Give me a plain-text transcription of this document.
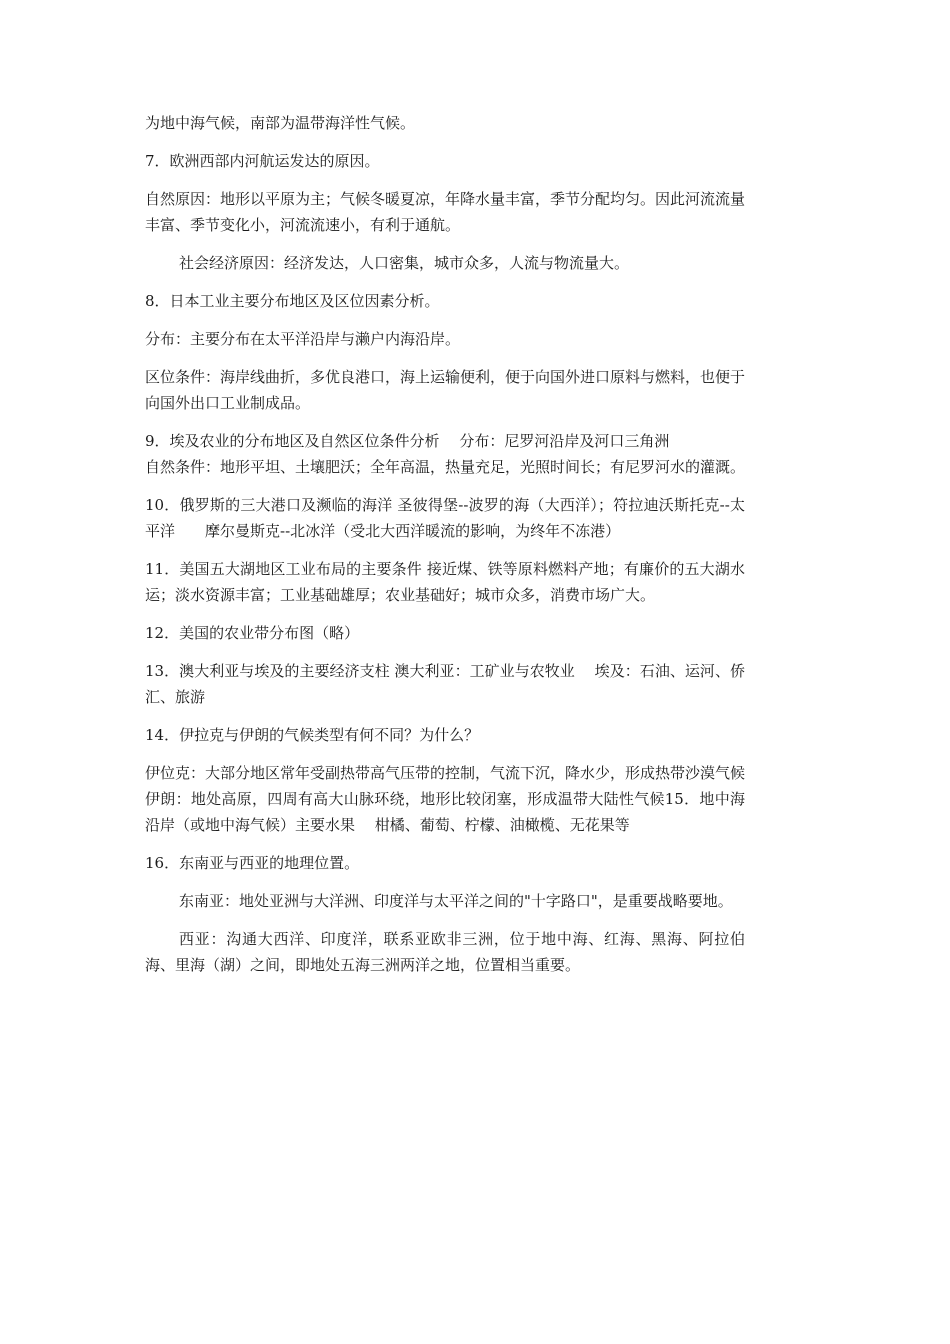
为地中海气候，南部为温带海洋性气候。

7．欧洲西部内河航运发达的原因。

自然原因：地形以平原为主；气候冬暖夏凉，年降水量丰富，季节分配均匀。因此河流流量丰富、季节变化小，河流流速小，有利于通航。

社会经济原因：经济发达，人口密集，城市众多，人流与物流量大。

8．日本工业主要分布地区及区位因素分析。

分布：主要分布在太平洋沿岸与濑户内海沿岸。

区位条件：海岸线曲折，多优良港口，海上运输便利，便于向国外进口原料与燃料，也便于向国外出口工业制成品。

9．埃及农业的分布地区及自然区位条件分析　 分布：尼罗河沿岸及河口三角洲
自然条件：地形平坦、土壤肥沃；全年高温，热量充足，光照时间长；有尼罗河水的灌溉。

10．俄罗斯的三大港口及濒临的海洋 圣彼得堡--波罗的海（大西洋）；符拉迪沃斯托克--太平洋　　摩尔曼斯克--北冰洋（受北大西洋暖流的影响，为终年不冻港）

11．美国五大湖地区工业布局的主要条件 接近煤、铁等原料燃料产地；有廉价的五大湖水运；淡水资源丰富；工业基础雄厚；农业基础好；城市众多，消费市场广大。

12．美国的农业带分布图（略）

13．澳大利亚与埃及的主要经济支柱 澳大利亚：工矿业与农牧业　 埃及：石油、运河、侨汇、旅游

14．伊拉克与伊朗的气候类型有何不同？为什么？

伊位克：大部分地区常年受副热带高气压带的控制，气流下沉，降水少，形成热带沙漠气候伊朗：地处高原，四周有高大山脉环绕，地形比较闭塞，形成温带大陆性气候15．地中海沿岸（或地中海气候）主要水果　 柑橘、葡萄、柠檬、油橄榄、无花果等

16．东南亚与西亚的地理位置。

东南亚：地处亚洲与大洋洲、印度洋与太平洋之间的"十字路口"，是重要战略要地。

西亚：沟通大西洋、印度洋，联系亚欧非三洲，位于地中海、红海、黑海、阿拉伯海、里海（湖）之间，即地处五海三洲两洋之地，位置相当重要。
